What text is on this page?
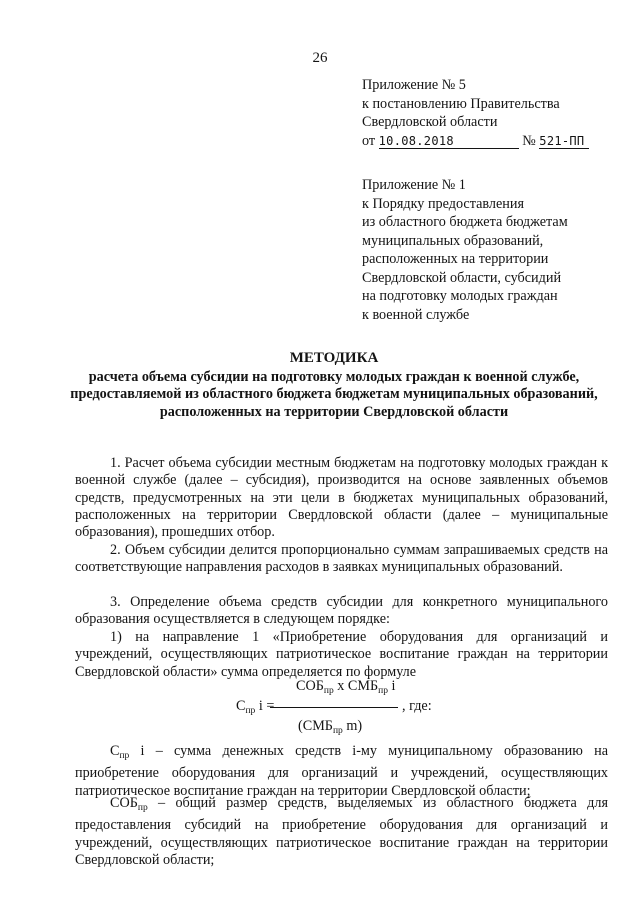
26
Приложение № 5
к постановлению Правительства
Свердловской области
от 10.08.2018	№ 521-ПП
Приложение № 1
к Порядку предоставления
из областного бюджета бюджетам
муниципальных образований,
расположенных на территории
Свердловской области, субсидий
на подготовку молодых граждан
к военной службе
МЕТОДИКА
расчета объема субсидии на подготовку молодых граждан к военной службе, предоставляемой из областного бюджета бюджетам муниципальных образований, расположенных на территории Свердловской области
1. Расчет объема субсидии местным бюджетам на подготовку молодых граждан к военной службе (далее – субсидия), производится на основе заявленных объемов средств, предусмотренных на эти цели в бюджетах муниципальных образований, расположенных на территории Свердловской области (далее – муниципальные образования), прошедших отбор.
2. Объем субсидии делится пропорционально суммам запрашиваемых средств на соответствующие направления расходов в заявках муниципальных образований.
3. Определение объема средств субсидии для конкретного муниципального образования осуществляется в следующем порядке:
1) на направление 1 «Приобретение оборудования для организаций и учреждений, осуществляющих патриотическое воспитание граждан на территории Свердловской области» сумма определяется по формуле
$СОБ_{пр}$ х $СМБ_{пр}$ i
$С_{пр}$ i =	, где:
($СМБ_{пр}$ m)
$С_{пр}$ i – сумма денежных средств i-му муниципальному образованию на приобретение оборудования для организаций и учреждений, осуществляющих патриотическое воспитание граждан на территории Свердловской области;
$СОБ_{пр}$ – общий размер средств, выделяемых из областного бюджета для предоставления субсидий на приобретение оборудования для организаций и учреждений, осуществляющих патриотическое воспитание граждан на территории Свердловской области;
